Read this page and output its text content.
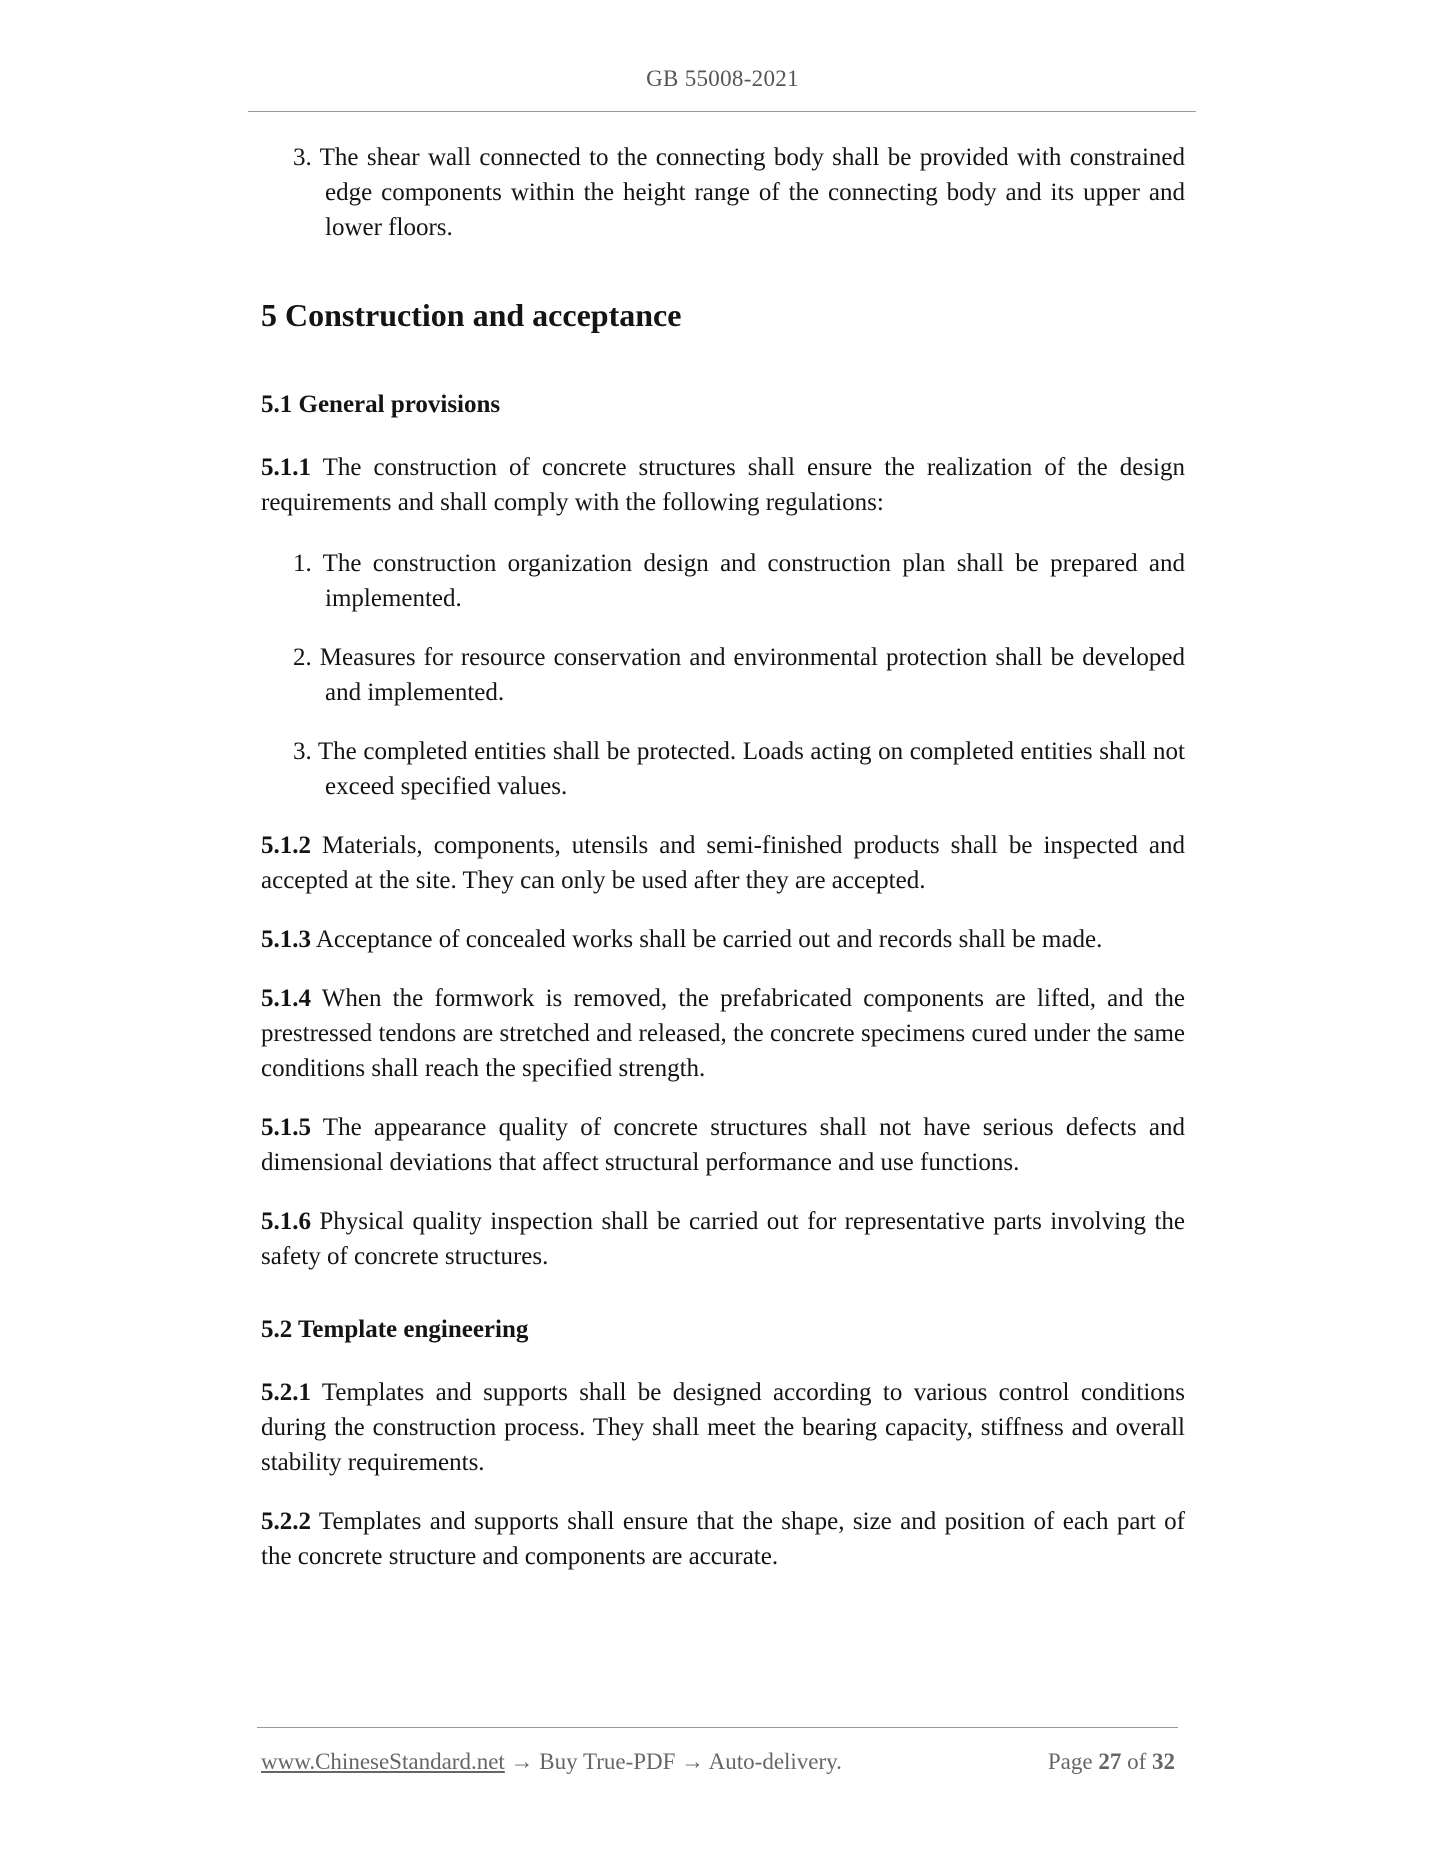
GB 55008-2021

3. The shear wall connected to the connecting body shall be provided with constrained edge components within the height range of the connecting body and its upper and lower floors.

5 Construction and acceptance
5.1 General provisions

5.1.1 The construction of concrete structures shall ensure the realization of the design requirements and shall comply with the following regulations:

1. The construction organization design and construction plan shall be prepared and implemented.

2. Measures for resource conservation and environmental protection shall be developed and implemented.

3. The completed entities shall be protected. Loads acting on completed entities shall not exceed specified values.

5.1.2 Materials, components, utensils and semi-finished products shall be inspected and accepted at the site. They can only be used after they are accepted.

5.1.3 Acceptance of concealed works shall be carried out and records shall be made.

5.1.4 When the formwork is removed, the prefabricated components are lifted, and the prestressed tendons are stretched and released, the concrete specimens cured under the same conditions shall reach the specified strength.

5.1.5 The appearance quality of concrete structures shall not have serious defects and dimensional deviations that affect structural performance and use functions.

5.1.6 Physical quality inspection shall be carried out for representative parts involving the safety of concrete structures.

5.2 Template engineering

5.2.1 Templates and supports shall be designed according to various control conditions during the construction process. They shall meet the bearing capacity, stiffness and overall stability requirements.

5.2.2 Templates and supports shall ensure that the shape, size and position of each part of the concrete structure and components are accurate.

www.ChineseStandard.net → Buy True-PDF → Auto-delivery.	Page 27 of 32
